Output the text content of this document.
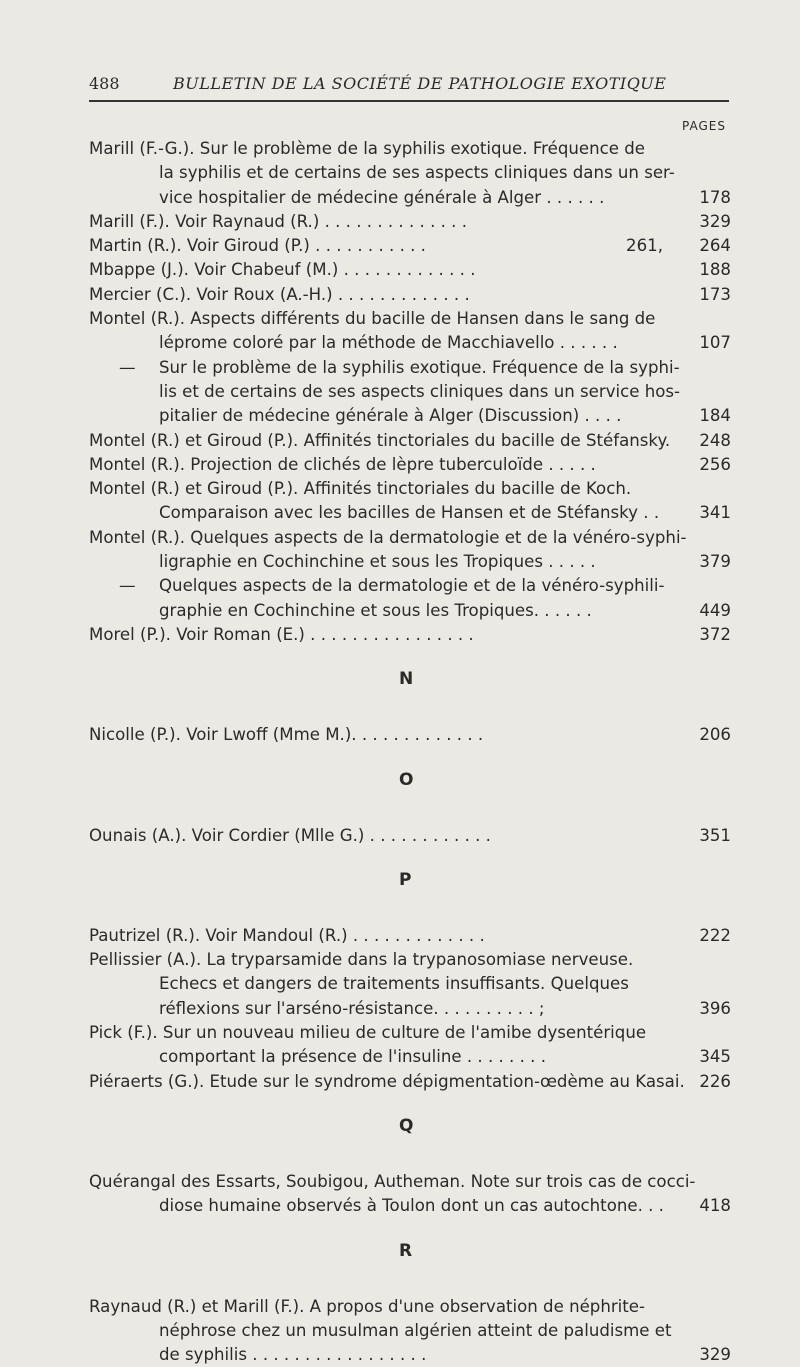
488	BULLETIN DE LA SOCIÉTÉ DE PATHOLOGIE EXOTIQUE
PAGES
Marill (F.-G.). Sur le problème de la syphilis exotique. Fréquence de
la syphilis et de certains de ses aspects cliniques dans un ser-
vice hospitalier de médecine générale à Alger . . . . . .	178
Marill (F.). Voir Raynaud (R.) . . . . . . . . . . . . . .	329
Martin (R.). Voir Giroud (P.) . . . . . . . . . . .	261, 264
Mbappe (J.). Voir Chabeuf (M.) . . . . . . . . . . . . .	188
Mercier (C.). Voir Roux (A.-H.) . . . . . . . . . . . . .	173
Montel (R.). Aspects différents du bacille de Hansen dans le sang de
léprome coloré par la méthode de Macchiavello . . . . . .	107
— Sur le problème de la syphilis exotique. Fréquence de la syphi-
lis et de certains de ses aspects cliniques dans un service hos-
pitalier de médecine générale à Alger (Discussion) . . . .	184
Montel (R.) et Giroud (P.). Affinités tinctoriales du bacille de Stéfansky. 248
Montel (R.). Projection de clichés de lèpre tuberculoïde . . . . .	256
Montel (R.) et Giroud (P.). Affinités tinctoriales du bacille de Koch.
Comparaison avec les bacilles de Hansen et de Stéfansky . . 341
Montel (R.). Quelques aspects de la dermatologie et de la vénéro-syphi-
ligraphie en Cochinchine et sous les Tropiques . . . . .	379
— Quelques aspects de la dermatologie et de la vénéro-syphili-
graphie en Cochinchine et sous les Tropiques. . . . . .	449
Morel (P.). Voir Roman (E.) . . . . . . . . . . . . . . . .	372
N
Nicolle (P.). Voir Lwoff (Mme M.). . . . . . . . . . . . .	206
O
Ounais (A.). Voir Cordier (Mlle G.) . . . . . . . . . . . .	351
P
Pautrizel (R.). Voir Mandoul (R.) . . . . . . . . . . . . .	222
Pellissier (A.). La tryparsamide dans la trypanosomiase nerveuse.
Echecs et dangers de traitements insuffisants. Quelques
réflexions sur l'arséno-résistance. . . . . . . . . . ;	396
Pick (F.). Sur un nouveau milieu de culture de l'amibe dysentérique
comportant la présence de l'insuline . . . . . . . .	345
Piéraerts (G.). Etude sur le syndrome dépigmentation-œdème au Kasai. 226
Q
Quérangal des Essarts, Soubigou, Autheman. Note sur trois cas de cocci-
diose humaine observés à Toulon dont un cas autochtone. . . 418
R
Raynaud (R.) et Marill (F.). A propos d'une observation de néphrite-
néphrose chez un musulman algérien atteint de paludisme et
de syphilis . . . . . . . . . . . . . . . . .	329
